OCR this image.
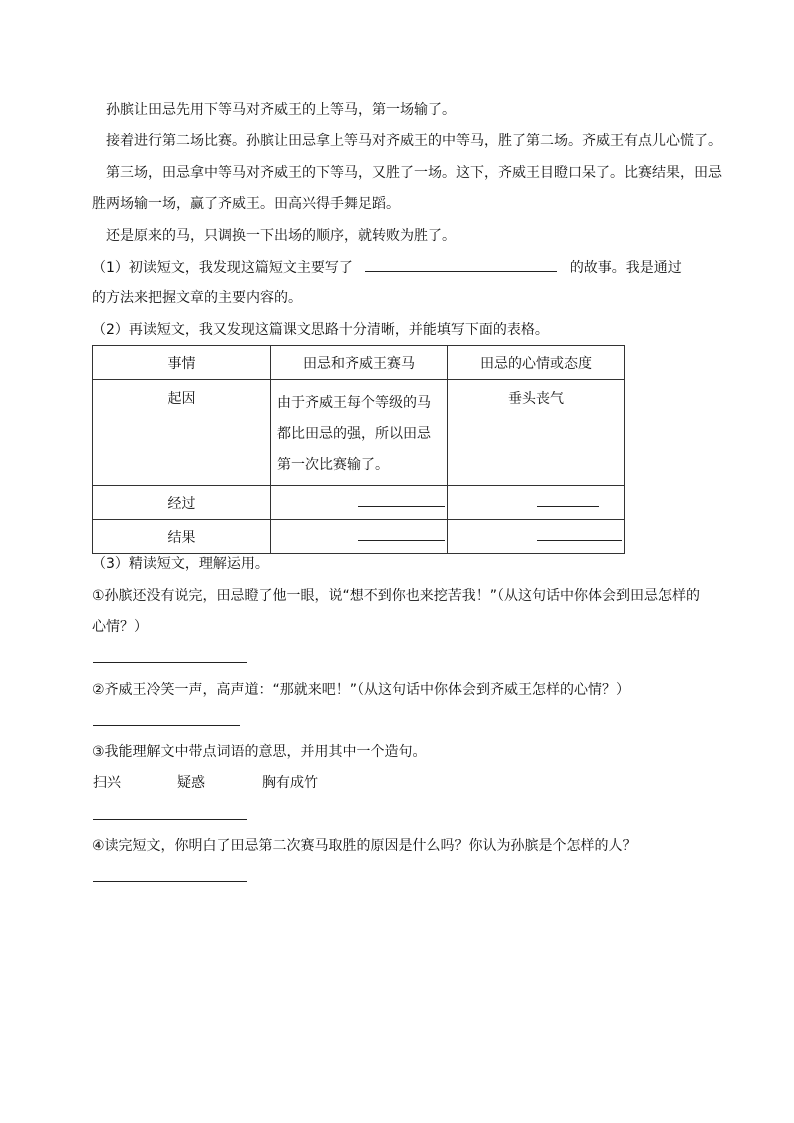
孙膑让田忌先用下等马对齐威王的上等马，第一场输了。
接着进行第二场比赛。孙膑让田忌拿上等马对齐威王的中等马，胜了第二场。齐威王有点儿心慌了。
第三场，田忌拿中等马对齐威王的下等马，又胜了一场。这下，齐威王目瞪口呆了。比赛结果，田忌
胜两场输一场，赢了齐威王。田高兴得手舞足蹈。
还是原来的马，只调换一下出场的顺序，就转败为胜了。
（1）初读短文，我发现这篇短文主要写了	的故事。我是通过
的方法来把握文章的主要内容的。
（2）再读短文，我又发现这篇课文思路十分清晰，并能填写下面的表格。
事情	田忌和齐威王赛马	田忌的心情或态度
起因	由于齐威王每个等级的马都比田忌的强，所以田忌第一次比赛输了。	垂头丧气
经过		
结果		
（3）精读短文，理解运用。
①孙膑还没有说完，田忌瞪了他一眼，说“想不到你也来挖苦我！”（从这句话中你体会到田忌怎样的
心情？）
②齐威王冷笑一声，高声道：“那就来吧！”（从这句话中你体会到齐威王怎样的心情？）
③我能理解文中带点词语的意思，并用其中一个造句。
扫兴	疑惑	胸有成竹
④读完短文，你明白了田忌第二次赛马取胜的原因是什么吗？你认为孙膑是个怎样的人？
